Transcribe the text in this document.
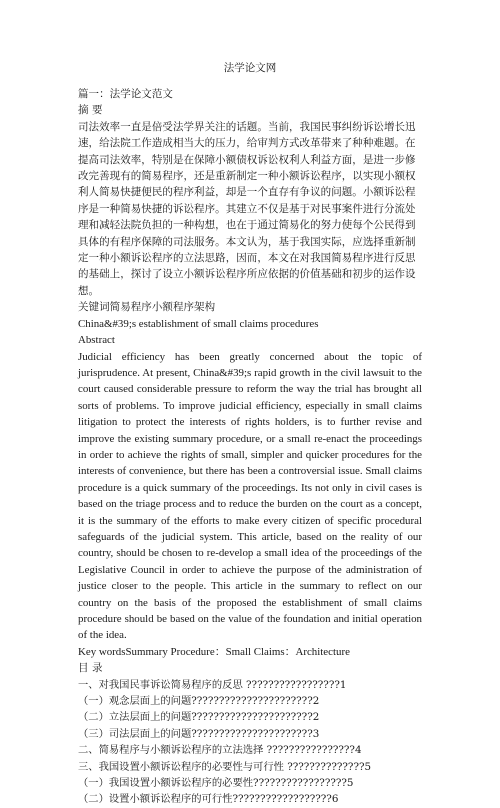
法学论文网

篇一：法学论文范文

摘 要

司法效率一直是倍受法学界关注的话题。当前，我国民事纠纷诉讼增长迅速，给法院工作造成相当大的压力，给审判方式改革带来了种种难题。在提高司法效率，特别是在保障小额债权诉讼权利人利益方面，是进一步修改完善现有的简易程序，还是重新制定一种小额诉讼程序，以实现小额权利人简易快捷便民的程序利益，却是一个直存有争议的问题。小额诉讼程序是一种简易快捷的诉讼程序。其建立不仅是基于对民事案件进行分流处理和减轻法院负担的一种构想，也在于通过简易化的努力使每个公民得到具体的有程序保障的司法服务。本文认为，基于我国实际，应选择重新制定一种小额诉讼程序的立法思路，因而，本文在对我国简易程序进行反思的基础上，探讨了设立小额诉讼程序所应依据的价值基础和初步的运作设想。

关键词简易程序小额程序架构

China&#39;s establishment of small claims procedures

Abstract

Judicial efficiency has been greatly concerned about the topic of jurisprudence. At present, China&#39;s rapid growth in the civil lawsuit to the court caused considerable pressure to reform the way the trial has brought all sorts of problems. To improve judicial efficiency, especially in small claims litigation to protect the interests of rights holders, is to further revise and improve the existing summary procedure, or a small re-enact the proceedings in order to achieve the rights of small, simpler and quicker procedures for the interests of convenience, but there has been a controversial issue. Small claims procedure is a quick summary of the proceedings. Its not only in civil cases is based on the triage process and to reduce the burden on the court as a concept, it is the summary of the efforts to make every citizen of specific procedural safeguards of the judicial system. This article, based on the reality of our country, should be chosen to re-develop a small idea of the proceedings of the Legislative Council in order to achieve the purpose of the administration of justice closer to the people. This article in the summary to reflect on our country on the basis of the proposed the establishment of small claims procedure should be based on the value of the foundation and initial operation of the idea.

Key wordsSummary Procedure：Small Claims：Architecture

目 录

一、对我国民事诉讼简易程序的反思 ?????????????????1

（一）观念层面上的问题??????????????????????2

（二）立法层面上的问题??????????????????????2

（三）司法层面上的问题??????????????????????3

二、简易程序与小额诉讼程序的立法选择 ????????????????4

三、我国设置小额诉讼程序的必要性与可行性 ??????????????5

（一）我国设置小额诉讼程序的必要性?????????????????5

（二）设置小额诉讼程序的可行性??????????????????6
